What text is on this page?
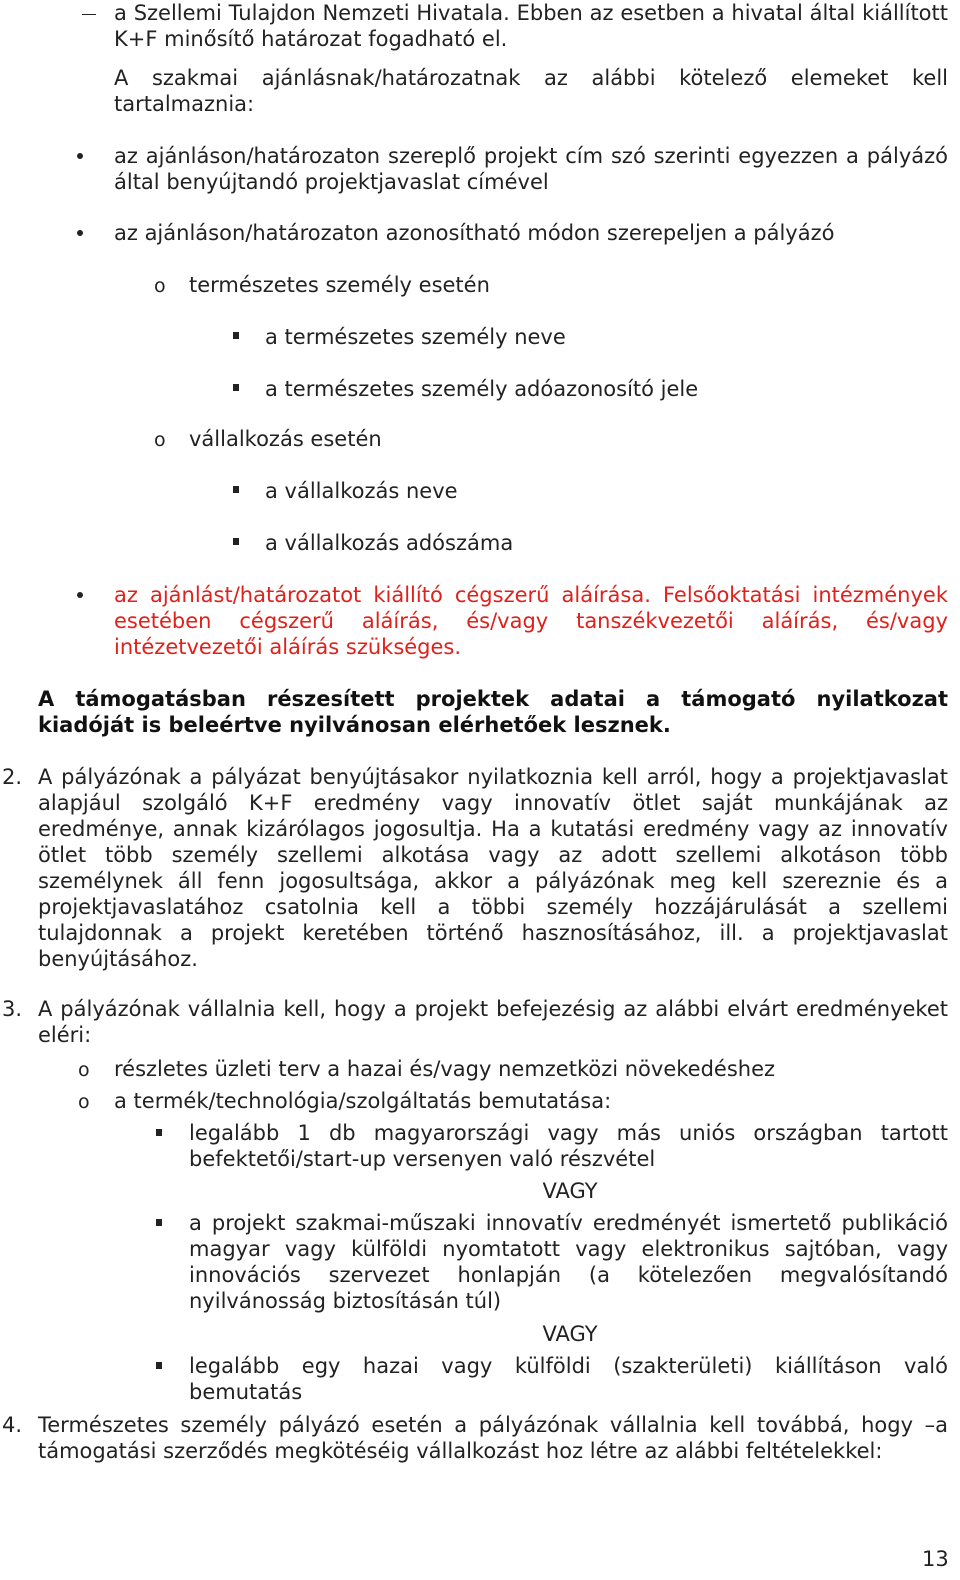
a Szellemi Tulajdon Nemzeti Hivatala. Ebben az esetben a hivatal által kiállított K+F minősítő határozat fogadható el.
A szakmai ajánlásnak/határozatnak az alábbi kötelező elemeket kell tartalmaznia:
az ajánláson/határozaton szereplő projekt cím szó szerinti egyezzen a pályázó által benyújtandó projektjavaslat címével
az ajánláson/határozaton azonosítható módon szerepeljen a pályázó
o természetes személy esetén
a természetes személy neve
a természetes személy adóazonosító jele
o vállalkozás esetén
a vállalkozás neve
a vállalkozás adószáma
az ajánlást/határozatot kiállító cégszerű aláírása. Felsőoktatási intézmények esetében cégszerű aláírás, és/vagy tanszékvezetői aláírás, és/vagy intézetvezetői aláírás szükséges.
A támogatásban részesített projektek adatai a támogató nyilatkozat kiadóját is beleértve nyilvánosan elérhetőek lesznek.
2. A pályázónak a pályázat benyújtásakor nyilatkoznia kell arról, hogy a projektjavaslat alapjául szolgáló K+F eredmény vagy innovatív ötlet saját munkájának az eredménye, annak kizárólagos jogosultja. Ha a kutatási eredmény vagy az innovatív ötlet több személy szellemi alkotása vagy az adott szellemi alkotáson több személynek áll fenn jogosultsága, akkor a pályázónak meg kell szereznie és a projektjavaslatához csatolnia kell a többi személy hozzájárulását a szellemi tulajdonnak a projekt keretében történő hasznosításához, ill. a projektjavaslat benyújtásához.
3. A pályázónak vállalnia kell, hogy a projekt befejezésig az alábbi elvárt eredményeket eléri:
o részletes üzleti terv a hazai és/vagy nemzetközi növekedéshez
o a termék/technológia/szolgáltatás bemutatása:
legalább 1 db magyarországi vagy más uniós országban tartott befektetői/start-up versenyen való részvétel
VAGY
a projekt szakmai-műszaki innovatív eredményét ismertető publikáció magyar vagy külföldi nyomtatott vagy elektronikus sajtóban, vagy innovációs szervezet honlapján (a kötelezően megvalósítandó nyilvánosság biztosításán túl)
VAGY
legalább egy hazai vagy külföldi (szakterületi) kiállításon való bemutatás
4. Természetes személy pályázó esetén a pályázónak vállalnia kell továbbá, hogy –a támogatási szerződés megkötéséig vállalkozást hoz létre az alábbi feltételekkel:
13
